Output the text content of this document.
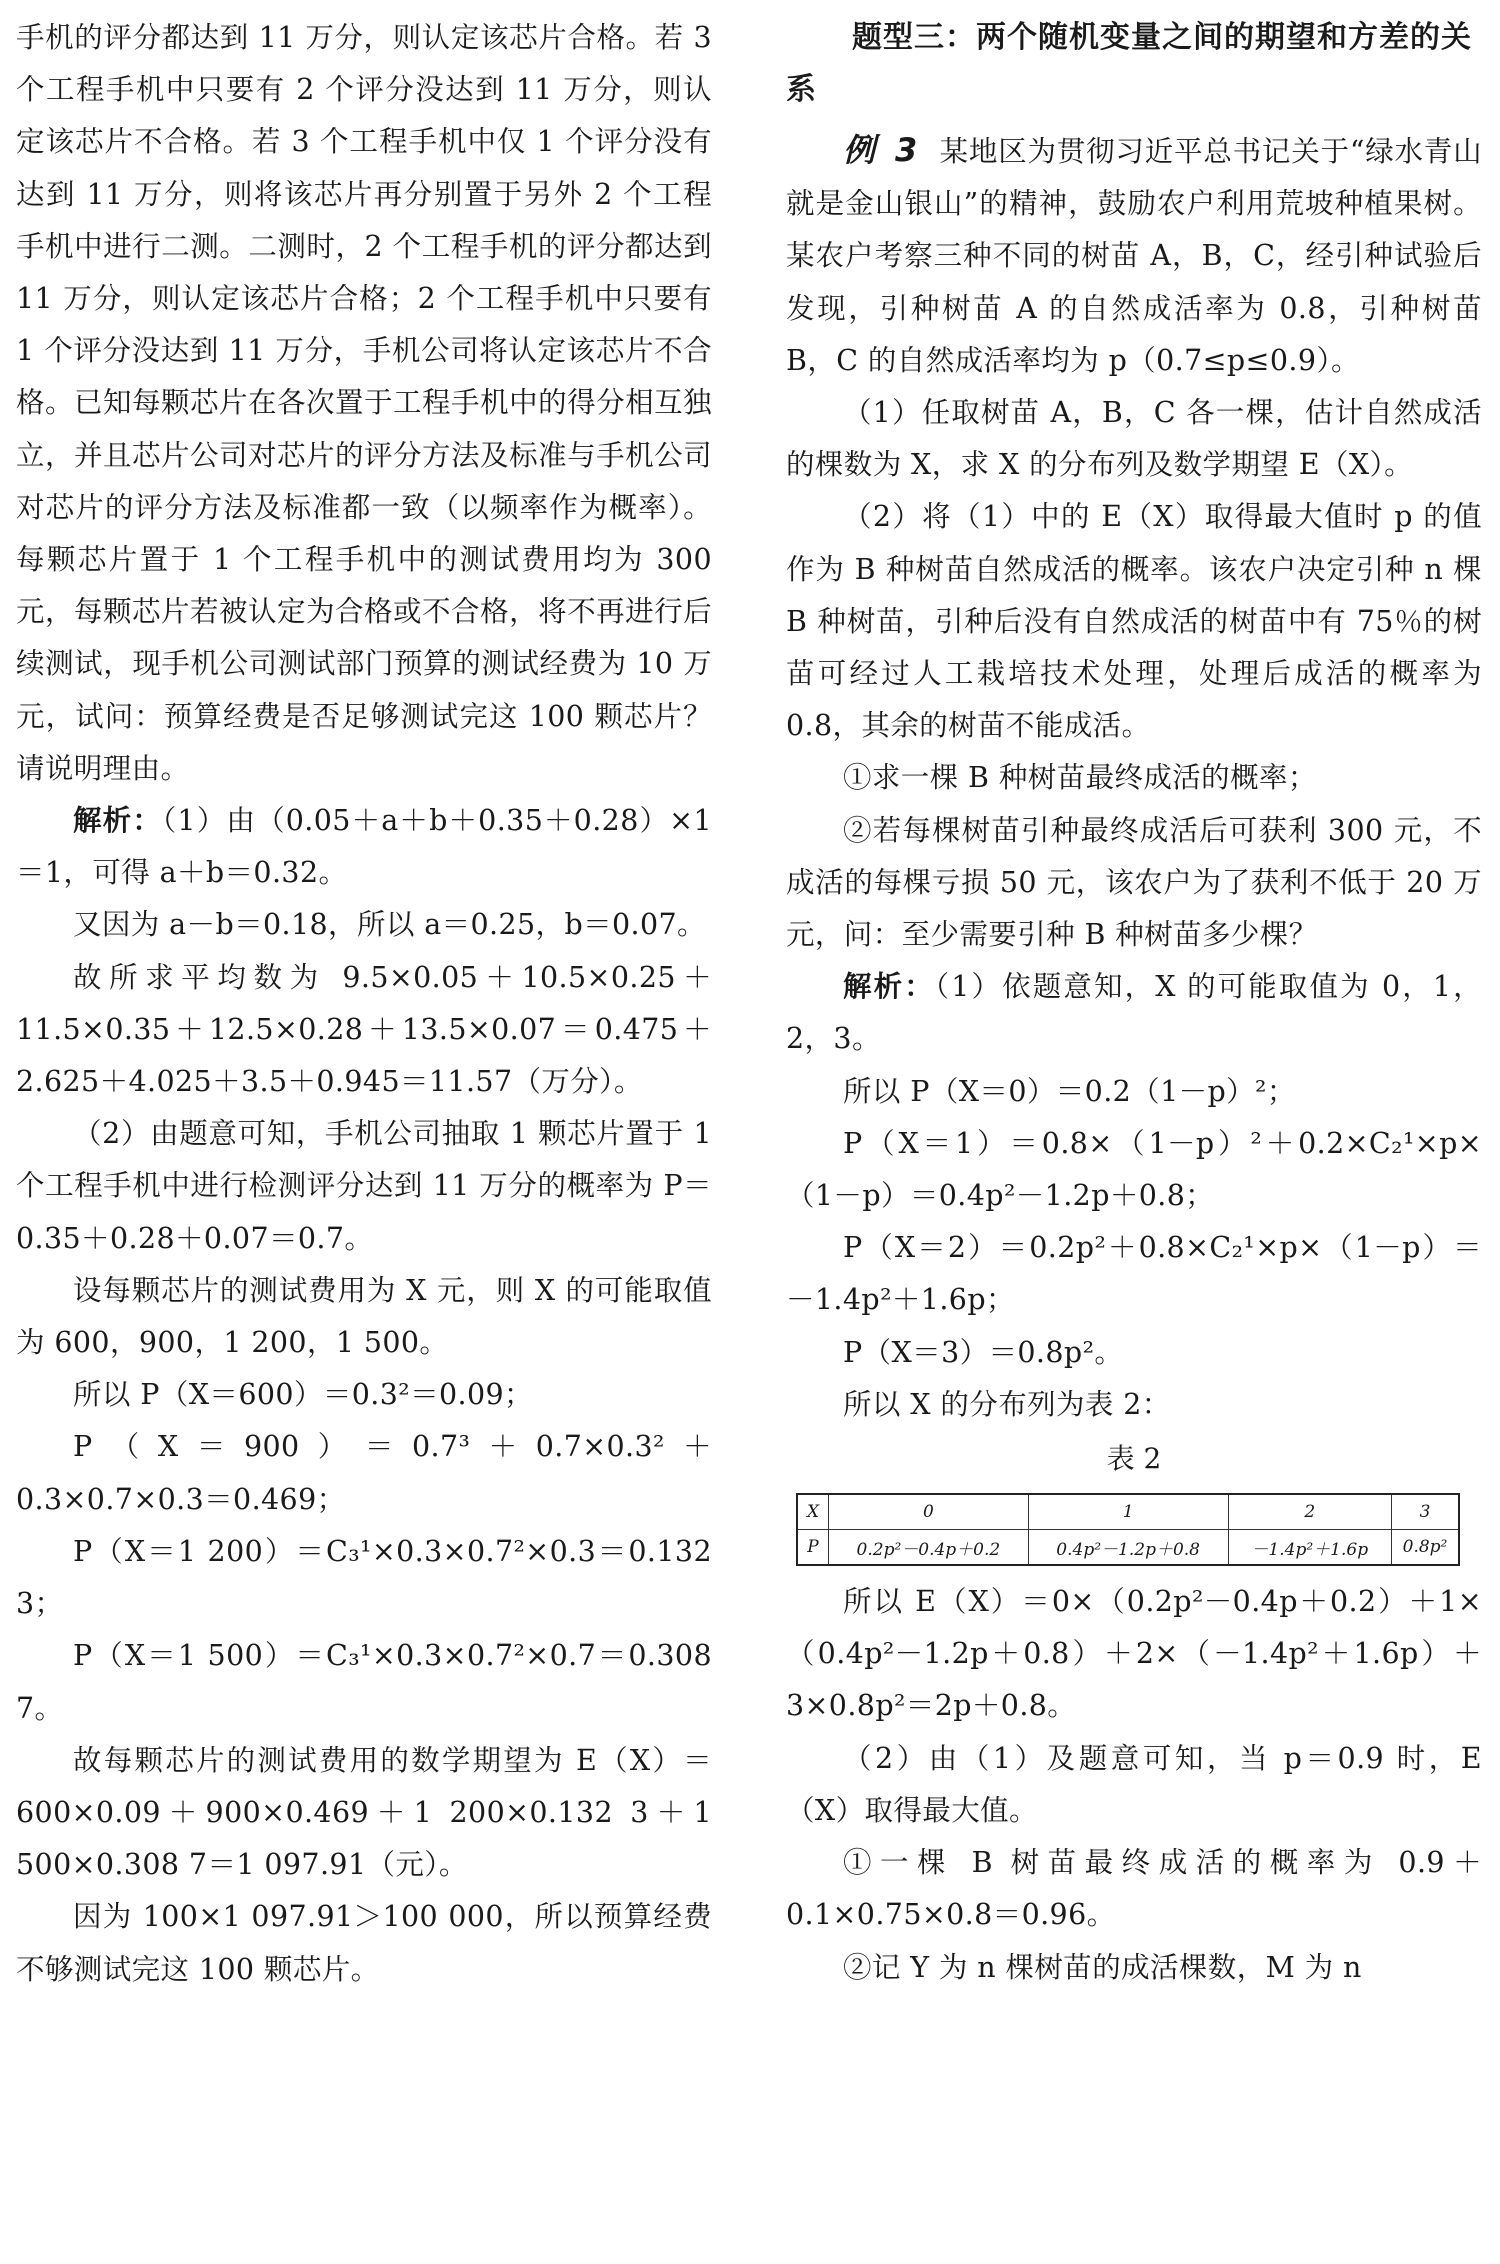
手机的评分都达到 11 万分，则认定该芯片合格。若 3 个工程手机中只要有 2 个评分没达到 11 万分，则认定该芯片不合格。若 3 个工程手机中仅 1 个评分没有达到 11 万分，则将该芯片再分别置于另外 2 个工程手机中进行二测。二测时，2 个工程手机的评分都达到 11 万分，则认定该芯片合格；2 个工程手机中只要有 1 个评分没达到 11 万分，手机公司将认定该芯片不合格。已知每颗芯片在各次置于工程手机中的得分相互独立，并且芯片公司对芯片的评分方法及标准与手机公司对芯片的评分方法及标准都一致（以频率作为概率）。每颗芯片置于 1 个工程手机中的测试费用均为 300 元，每颗芯片若被认定为合格或不合格，将不再进行后续测试，现手机公司测试部门预算的测试经费为 10 万元，试问：预算经费是否足够测试完这 100 颗芯片？请说明理由。

解析：（1）由（0.05＋a＋b＋0.35＋0.28）×1＝1，可得 a＋b＝0.32。

又因为 a－b＝0.18，所以 a＝0.25，b＝0.07。

故所求平均数为 9.5×0.05＋10.5×0.25＋11.5×0.35＋12.5×0.28＋13.5×0.07＝0.475＋2.625＋4.025＋3.5＋0.945＝11.57（万分）。

（2）由题意可知，手机公司抽取 1 颗芯片置于 1 个工程手机中进行检测评分达到 11 万分的概率为 P＝0.35＋0.28＋0.07＝0.7。

设每颗芯片的测试费用为 X 元，则 X 的可能取值为 600，900，1 200，1 500。

所以 P（X＝600）＝0.3²＝0.09；

P（X＝900）＝0.7³＋0.7×0.3²＋0.3×0.7×0.3＝0.469；

P（X＝1 200）＝C₃¹×0.3×0.7²×0.3＝0.132 3；

P（X＝1 500）＝C₃¹×0.3×0.7²×0.7＝0.308 7。

故每颗芯片的测试费用的数学期望为 E（X）＝600×0.09＋900×0.469＋1 200×0.132 3＋1 500×0.308 7＝1 097.91（元）。

因为 100×1 097.91＞100 000，所以预算经费不够测试完这 100 颗芯片。

题型三：两个随机变量之间的期望和方差的关系

例 3 某地区为贯彻习近平总书记关于“绿水青山就是金山银山”的精神，鼓励农户利用荒坡种植果树。某农户考察三种不同的树苗 A，B，C，经引种试验后发现，引种树苗 A 的自然成活率为 0.8，引种树苗 B，C 的自然成活率均为 p（0.7≤p≤0.9）。

（1）任取树苗 A，B，C 各一棵，估计自然成活的棵数为 X，求 X 的分布列及数学期望 E（X）。

（2）将（1）中的 E（X）取得最大值时 p 的值作为 B 种树苗自然成活的概率。该农户决定引种 n 棵 B 种树苗，引种后没有自然成活的树苗中有 75％的树苗可经过人工栽培技术处理，处理后成活的概率为 0.8，其余的树苗不能成活。

①求一棵 B 种树苗最终成活的概率；

②若每棵树苗引种最终成活后可获利 300 元，不成活的每棵亏损 50 元，该农户为了获利不低于 20 万元，问：至少需要引种 B 种树苗多少棵？

解析：（1）依题意知，X 的可能取值为 0，1，2，3。

所以 P（X＝0）＝0.2（1－p）²；

P（X＝1）＝0.8×（1－p）²＋0.2×C₂¹×p×（1－p）＝0.4p²－1.2p＋0.8；

P（X＝2）＝0.2p²＋0.8×C₂¹×p×（1－p）＝－1.4p²＋1.6p；

P（X＝3）＝0.8p²。

所以 X 的分布列为表 2：

表 2

X	0	1	2	3
P	0.2p²－0.4p＋0.2	0.4p²－1.2p＋0.8	－1.4p²＋1.6p	0.8p²

所以 E（X）＝0×（0.2p²－0.4p＋0.2）＋1×（0.4p²－1.2p＋0.8）＋2×（－1.4p²＋1.6p）＋3×0.8p²＝2p＋0.8。

（2）由（1）及题意可知，当 p＝0.9 时，E（X）取得最大值。

①一棵 B 树苗最终成活的概率为 0.9＋0.1×0.75×0.8＝0.96。

②记 Y 为 n 棵树苗的成活棵数，M 为 n
